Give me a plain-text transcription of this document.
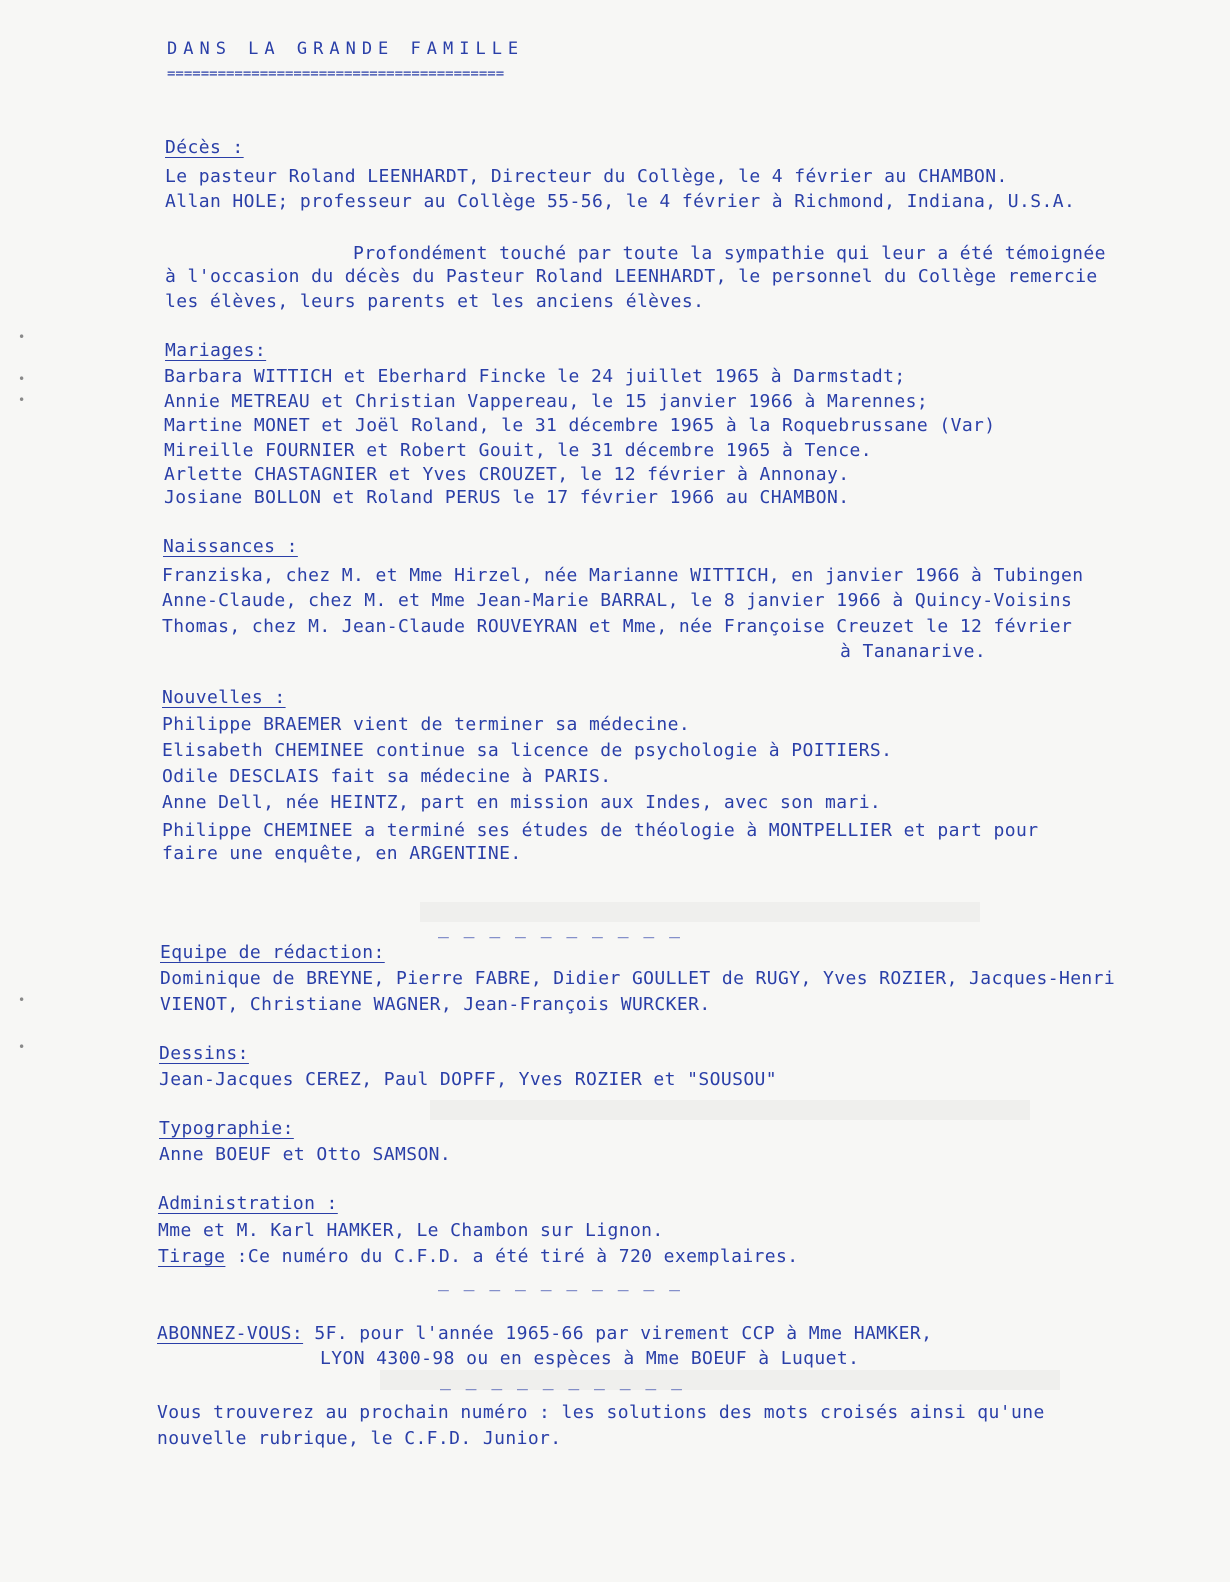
•
•
•
•
•
DANS LA GRANDE FAMILLE
========================================
Décès :
Le pasteur Roland LEENHARDT, Directeur du Collège, le 4 février au CHAMBON.
Allan HOLE; professeur au Collège 55-56, le 4 février à Richmond, Indiana, U.S.A.
Profondément touché par toute la sympathie qui leur a été témoignée
à l'occasion du décès du Pasteur Roland LEENHARDT, le personnel du Collège remercie
les élèves, leurs parents et les anciens élèves.
Mariages:
Barbara WITTICH et Eberhard Fincke le 24 juillet 1965 à Darmstadt;
Annie METREAU et Christian Vappereau, le 15 janvier 1966 à Marennes;
Martine MONET et Joël Roland, le 31 décembre 1965 à la Roquebrussane (Var)
Mireille FOURNIER et Robert Gouit, le 31 décembre 1965 à Tence.
Arlette CHASTAGNIER et Yves CROUZET, le 12 février à Annonay.
Josiane BOLLON et Roland PERUS le 17 février 1966 au CHAMBON.
Naissances :
Franziska, chez M. et Mme Hirzel, née Marianne WITTICH, en janvier 1966 à Tubingen
Anne-Claude, chez M. et Mme Jean-Marie BARRAL, le 8 janvier 1966 à Quincy-Voisins
Thomas, chez M. Jean-Claude ROUVEYRAN et Mme, née Françoise Creuzet le 12 février
à Tananarive.
Nouvelles :
Philippe BRAEMER vient de terminer sa médecine.
Elisabeth CHEMINEE continue sa licence de psychologie à POITIERS.
Odile DESCLAIS fait sa médecine à PARIS.
Anne Dell, née HEINTZ, part en mission aux Indes, avec son mari.
Philippe CHEMINEE a terminé ses études de théologie à MONTPELLIER et part pour
faire une enquête, en ARGENTINE.
_ _ _ _ _ _ _ _ _ _
Equipe de rédaction:
Dominique de BREYNE, Pierre FABRE, Didier GOULLET de RUGY, Yves ROZIER, Jacques-Henri
VIENOT, Christiane WAGNER, Jean-François WURCKER.
Dessins:
Jean-Jacques CEREZ, Paul DOPFF, Yves ROZIER et "SOUSOU"
Typographie:
Anne BOEUF et Otto SAMSON.
Administration :
Mme et M. Karl HAMKER, Le Chambon sur Lignon.
Tirage :Ce numéro du C.F.D. a été tiré à 720 exemplaires.
_ _ _ _ _ _ _ _ _ _
ABONNEZ-VOUS: 5F. pour l'année 1965-66 par virement CCP à Mme HAMKER,
LYON 4300-98 ou en espèces à Mme BOEUF à Luquet.
_ _ _ _ _ _ _ _ _ _
Vous trouverez au prochain numéro : les solutions des mots croisés ainsi qu'une
nouvelle rubrique, le C.F.D. Junior.
